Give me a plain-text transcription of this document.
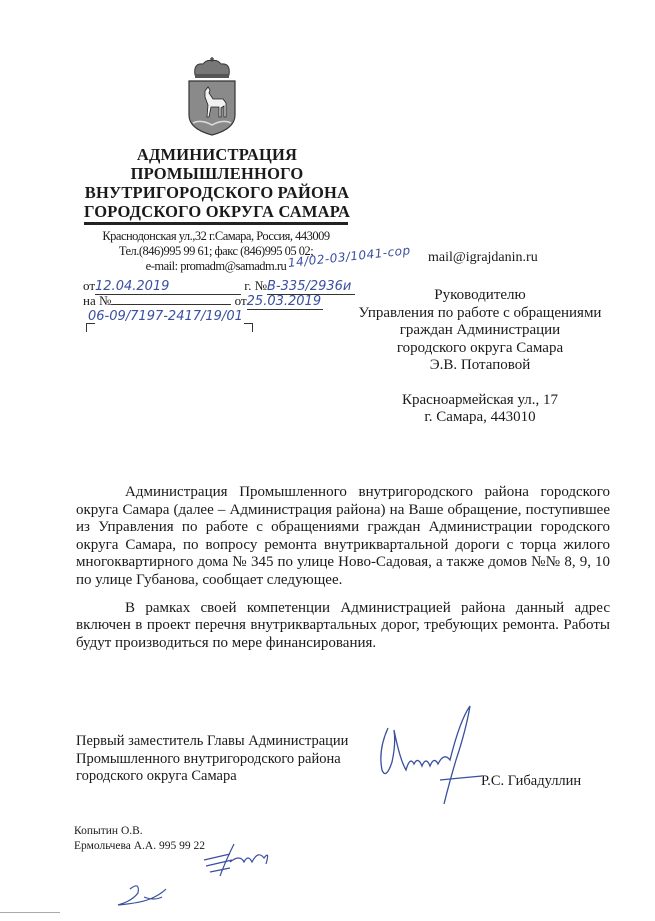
АДМИНИСТРАЦИЯ
ПРОМЫШЛЕННОГО
ВНУТРИГОРОДСКОГО РАЙОНА
ГОРОДСКОГО ОКРУГА САМАРА
Краснодонская ул.,32 г.Самара, Россия, 443009
Тел.(846)995 99 61; факс (846)995 05 02;
e-mail: promadm@samadm.ru 14/02-03/1041-сор mail@igrajdanin.ru
от12.04.2019	г. №В-335/2936и
на №	от25.03.2019
06-09/7197-2417/19/01
Руководителю
Управления по работе с обращениями
граждан Администрации
городского округа Самара
Э.В. Потаповой
Красноармейская ул., 17
г. Самара, 443010

Администрация Промышленного внутригородского района городского округа Самара (далее – Администрация района) на Ваше обращение, поступившее из Управления по работе с обращениями граждан Администрации городского округа Самара, по вопросу ремонта внутриквартальной дороги с торца жилого многоквартирного дома № 345 по улице Ново-Садовая, а также домов №№ 8, 9, 10 по улице Губанова, сообщает следующее.

В рамках своей компетенции Администрацией района данный адрес включен в проект перечня внутриквартальных дорог, требующих ремонта. Работы будут производиться по мере финансирования.

Первый заместитель Главы Администрации
Промышленного внутригородского района
городского округа Самара	Р.С. Гибадуллин
Копытин О.В.
Ермольчева А.А. 995 99 22
